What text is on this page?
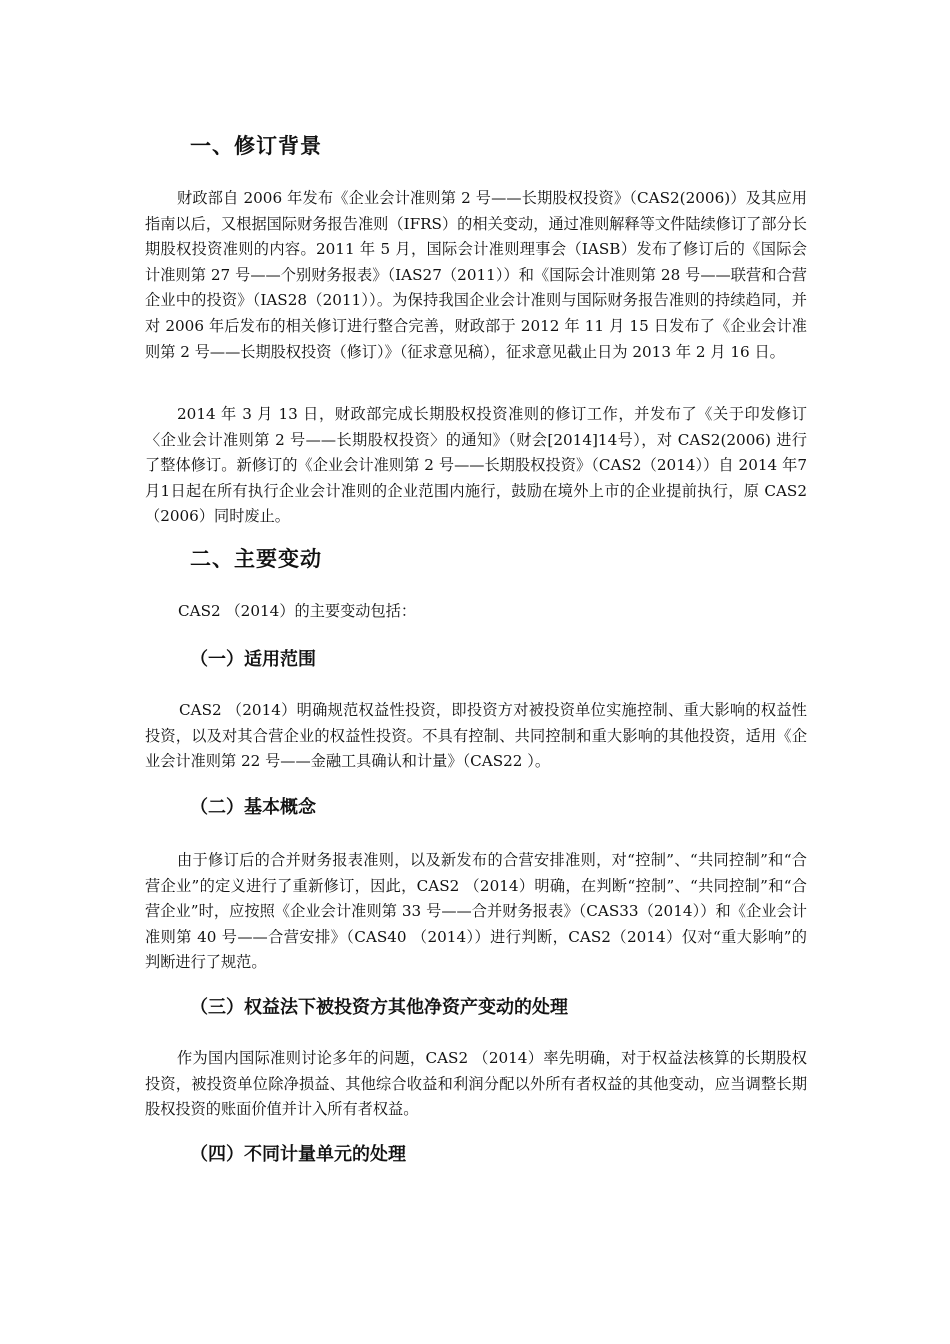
一、修订背景

财政部自 2006 年发布《企业会计准则第 2 号——长期股权投资》（CAS2(2006)）及其应用指南以后，又根据国际财务报告准则（IFRS）的相关变动，通过准则解释等文件陆续修订了部分长期股权投资准则的内容。2011 年 5 月，国际会计准则理事会（IASB）发布了修订后的《国际会计准则第 27 号——个别财务报表》（IAS27（2011））和《国际会计准则第 28 号——联营和合营企业中的投资》（IAS28（2011））。为保持我国企业会计准则与国际财务报告准则的持续趋同，并对 2006 年后发布的相关修订进行整合完善，财政部于 2012 年 11 月 15 日发布了《企业会计准则第 2 号——长期股权投资（修订）》（征求意见稿），征求意见截止日为 2013 年 2 月 16 日。

2014 年 3 月 13 日，财政部完成长期股权投资准则的修订工作，并发布了《关于印发修订〈企业会计准则第 2 号——长期股权投资〉的通知》（财会[2014]14号），对 CAS2(2006) 进行了整体修订。新修订的《企业会计准则第 2 号——长期股权投资》（CAS2（2014））自 2014 年7月1日起在所有执行企业会计准则的企业范围内施行，鼓励在境外上市的企业提前执行，原 CAS2 （2006）同时废止。

二、主要变动

CAS2 （2014）的主要变动包括：

（一）适用范围

CAS2 （2014）明确规范权益性投资，即投资方对被投资单位实施控制、重大影响的权益性投资，以及对其合营企业的权益性投资。不具有控制、共同控制和重大影响的其他投资，适用《企业会计准则第 22 号——金融工具确认和计量》（CAS22 ）。

（二）基本概念

由于修订后的合并财务报表准则，以及新发布的合营安排准则，对“控制”、“共同控制”和“合营企业”的定义进行了重新修订，因此，CAS2 （2014）明确，在判断“控制”、“共同控制”和“合营企业”时，应按照《企业会计准则第 33 号——合并财务报表》（CAS33（2014））和《企业会计准则第 40 号——合营安排》（CAS40 （2014））进行判断，CAS2（2014）仅对“重大影响”的判断进行了规范。

（三）权益法下被投资方其他净资产变动的处理

作为国内国际准则讨论多年的问题，CAS2 （2014）率先明确，对于权益法核算的长期股权投资，被投资单位除净损益、其他综合收益和利润分配以外所有者权益的其他变动，应当调整长期股权投资的账面价值并计入所有者权益。

（四）不同计量单元的处理
